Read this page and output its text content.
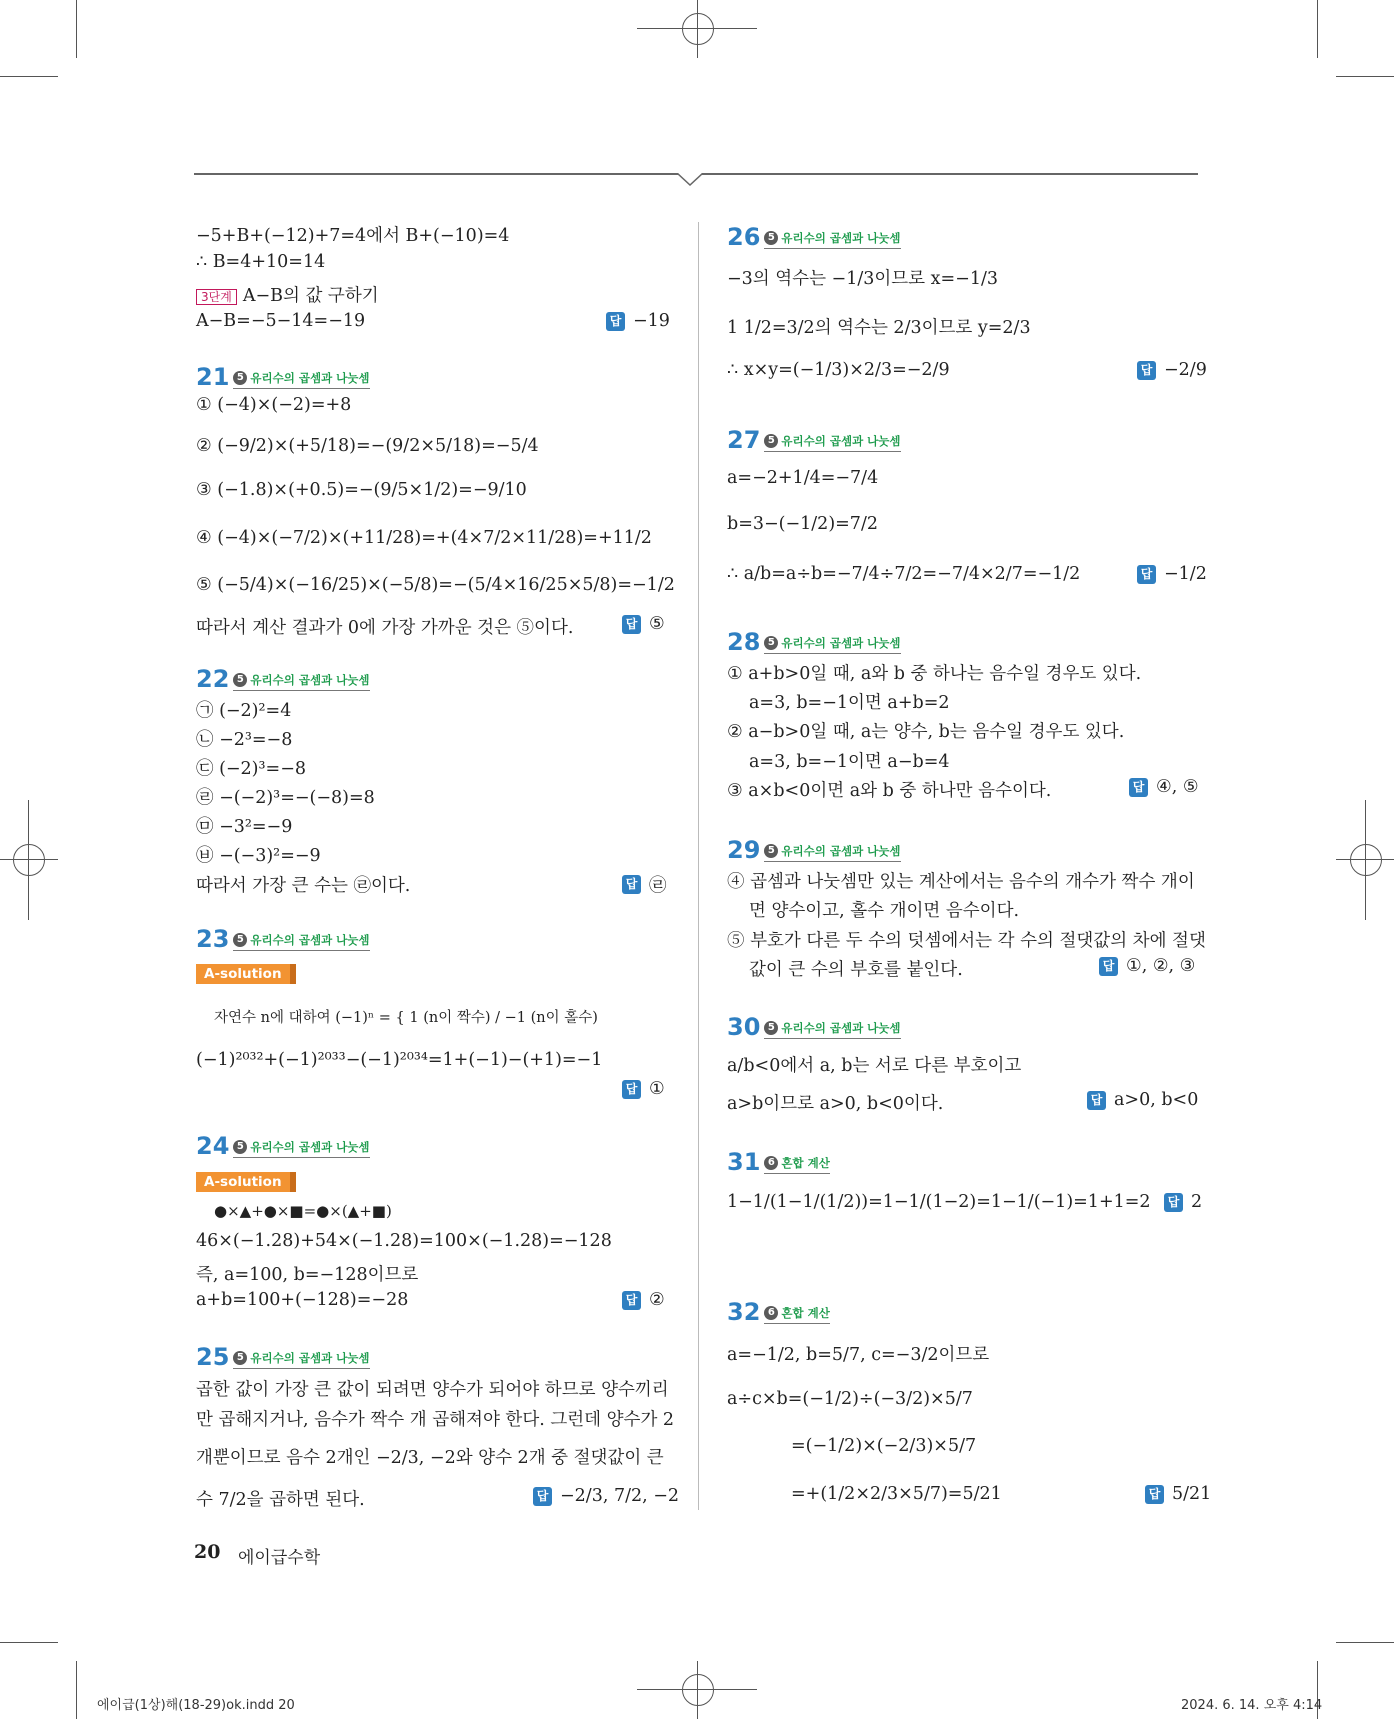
−5+B+(−12)+7=4에서 B+(−10)=4
∴ B=4+10=14
3단계 A−B의 값 구하기
A−B=−5−14=−19	답 −19
21 5 유리수의 곱셈과 나눗셈
① (−4)×(−2)=+8
② (−9/2)×(+5/18)=−(9/2×5/18)=−5/4
③ (−1.8)×(+0.5)=−(9/5×1/2)=−9/10
④ (−4)×(−7/2)×(+11/28)=+(4×7/2×11/28)=+11/2
⑤ (−5/4)×(−16/25)×(−5/8)=−(5/4×16/25×5/8)=−1/2
따라서 계산 결과가 0에 가장 가까운 것은 ⑤이다.	답 ⑤
22 5 유리수의 곱셈과 나눗셈
㉠ (−2)²=4
㉡ −2³=−8
㉢ (−2)³=−8
㉣ −(−2)³=−(−8)=8
㉤ −3²=−9
㉥ −(−3)²=−9
따라서 가장 큰 수는 ㉣이다.	답 ㉣
23 5 유리수의 곱셈과 나눗셈
A-solution
자연수 n에 대하여 (−1)ⁿ = { 1 (n이 짝수) / −1 (n이 홀수)
(−1)²⁰³²+(−1)²⁰³³−(−1)²⁰³⁴=1+(−1)−(+1)=−1
답 ①
24 5 유리수의 곱셈과 나눗셈
A-solution
●×▲+●×■=●×(▲+■)
46×(−1.28)+54×(−1.28)=100×(−1.28)=−128
즉, a=100, b=−128이므로
a+b=100+(−128)=−28	답 ②
25 5 유리수의 곱셈과 나눗셈
곱한 값이 가장 큰 값이 되려면 양수가 되어야 하므로 양수끼리
만 곱해지거나, 음수가 짝수 개 곱해져야 한다. 그런데 양수가 2
개뿐이므로 음수 2개인 −2/3, −2와 양수 2개 중 절댓값이 큰
수 7/2을 곱하면 된다.	답 −2/3, 7/2, −2
26 5 유리수의 곱셈과 나눗셈
−3의 역수는 −1/3이므로 x=−1/3
1 1/2=3/2의 역수는 2/3이므로 y=2/3
∴ x×y=(−1/3)×2/3=−2/9	답 −2/9
27 5 유리수의 곱셈과 나눗셈
a=−2+1/4=−7/4
b=3−(−1/2)=7/2
∴ a/b=a÷b=−7/4÷7/2=−7/4×2/7=−1/2	답 −1/2
28 5 유리수의 곱셈과 나눗셈
① a+b>0일 때, a와 b 중 하나는 음수일 경우도 있다.
a=3, b=−1이면 a+b=2
② a−b>0일 때, a는 양수, b는 음수일 경우도 있다.
a=3, b=−1이면 a−b=4
③ a×b<0이면 a와 b 중 하나만 음수이다.	답 ④, ⑤
29 5 유리수의 곱셈과 나눗셈
④ 곱셈과 나눗셈만 있는 계산에서는 음수의 개수가 짝수 개이
면 양수이고, 홀수 개이면 음수이다.
⑤ 부호가 다른 두 수의 덧셈에서는 각 수의 절댓값의 차에 절댓
값이 큰 수의 부호를 붙인다.	답 ①, ②, ③
30 5 유리수의 곱셈과 나눗셈
a/b<0에서 a, b는 서로 다른 부호이고
a>b이므로 a>0, b<0이다.	답 a>0, b<0
31 6 혼합 계산
1−1/(1−1/(1/2))=1−1/(1−2)=1−1/(−1)=1+1=2	답 2
32 6 혼합 계산
a=−1/2, b=5/7, c=−3/2이므로
a÷c×b=(−1/2)÷(−3/2)×5/7
=(−1/2)×(−2/3)×5/7
=+(1/2×2/3×5/7)=5/21	답 5/21
20 에이급수학
에이급(1상)해(18-29)ok.indd 20	2024. 6. 14. 오후 4:14
